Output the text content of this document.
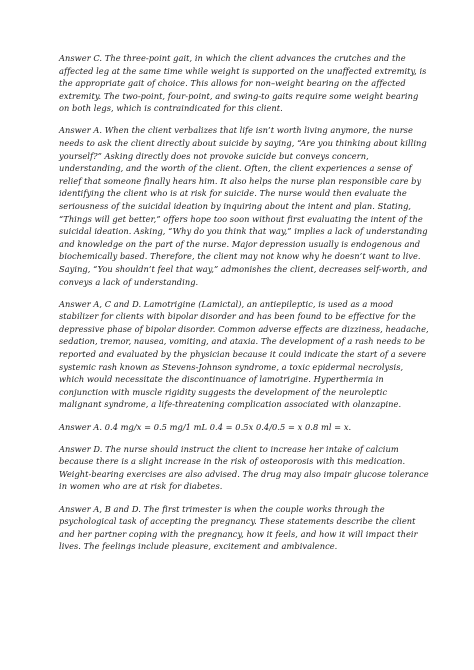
Answer C. The three-point gait, in which the client advances the crutches and the affected leg at the same time while weight is supported on the unaffected extremity, is the appropriate gait of choice. This allows for non–weight bearing on the affected extremity. The two-point, four-point, and swing-to gaits require some weight bearing on both legs, which is contraindicated for this client.

Answer A. When the client verbalizes that life isn’t worth living anymore, the nurse needs to ask the client directly about suicide by saying, “Are you thinking about killing yourself?” Asking directly does not provoke suicide but conveys concern, understanding, and the worth of the client. Often, the client experiences a sense of relief that someone finally hears him. It also helps the nurse plan responsible care by identifying the client who is at risk for suicide. The nurse would then evaluate the seriousness of the suicidal ideation by inquiring about the intent and plan. Stating, “Things will get better,” offers hope too soon without first evaluating the intent of the suicidal ideation. Asking, “Why do you think that way,” implies a lack of understanding and knowledge on the part of the nurse. Major depression usually is endogenous and biochemically based. Therefore, the client may not know why he doesn’t want to live. Saying, “You shouldn’t feel that way,” admonishes the client, decreases self-worth, and conveys a lack of understanding.

Answer A, C and D. Lamotrigine (Lamictal), an antiepileptic, is used as a mood stabilizer for clients with bipolar disorder and has been found to be effective for the depressive phase of bipolar disorder. Common adverse effects are dizziness, headache, sedation, tremor, nausea, vomiting, and ataxia. The development of a rash needs to be reported and evaluated by the physician because it could indicate the start of a severe systemic rash known as Stevens-Johnson syndrome, a toxic epidermal necrolysis, which would necessitate the discontinuance of lamotrigine. Hyperthermia in conjunction with muscle rigidity suggests the development of the neuroleptic malignant syndrome, a life-threatening complication associated with olanzapine.

Answer A. 0.4 mg/x = 0.5 mg/1 mL 0.4 = 0.5x 0.4/0.5 = x 0.8 ml = x.

Answer D. The nurse should instruct the client to increase her intake of calcium because there is a slight increase in the risk of osteoporosis with this medication. Weight-bearing exercises are also advised. The drug may also impair glucose tolerance in women who are at risk for diabetes.

Answer A, B and D. The first trimester is when the couple works through the psychological task of accepting the pregnancy. These statements describe the client and her partner coping with the pregnancy, how it feels, and how it will impact their lives. The feelings include pleasure, excitement and ambivalence.
